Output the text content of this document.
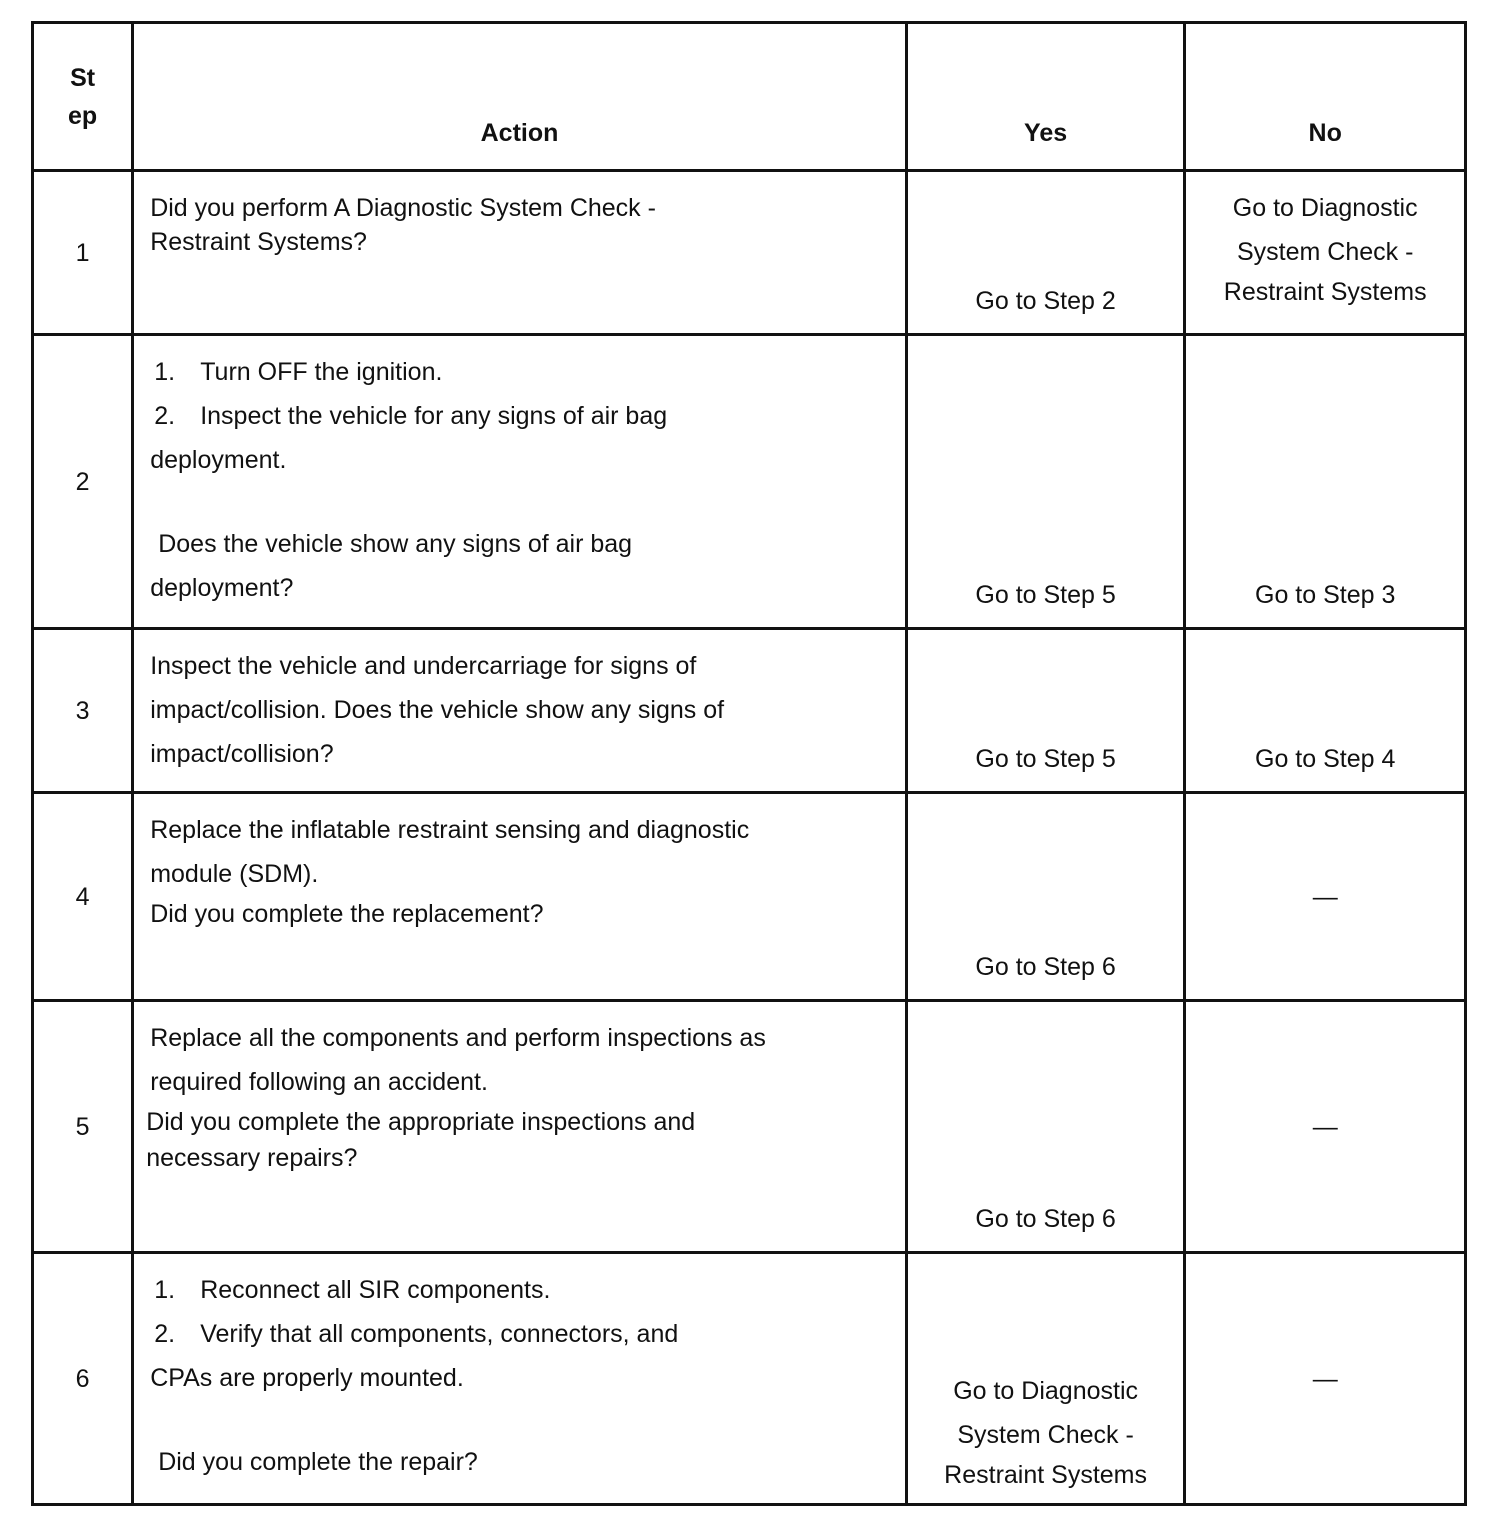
St
ep	Action	Yes	No
1	Did you perform A Diagnostic System Check -
Restraint Systems?	Go to Step 2	Go to Diagnostic
System Check -
Restraint Systems

2	1. Turn OFF the ignition.
2. Inspect the vehicle for any signs of air bag
deployment.
Does the vehicle show any signs of air bag
deployment?	Go to Step 5	Go to Step 3
3	Inspect the vehicle and undercarriage for signs of
impact/collision. Does the vehicle show any signs of
impact/collision?	Go to Step 5	Go to Step 4
4	Replace the inflatable restraint sensing and diagnostic
module (SDM).
Did you complete the replacement?	Go to Step 6	—
5	Replace all the components and perform inspections as
required following an accident.
Did you complete the appropriate inspections and
necessary repairs?	Go to Step 6	—
6	1. Reconnect all SIR components.
2. Verify that all components, connectors, and
CPAs are properly mounted.
Did you complete the repair?	Go to Diagnostic
System Check -
Restraint Systems	—
